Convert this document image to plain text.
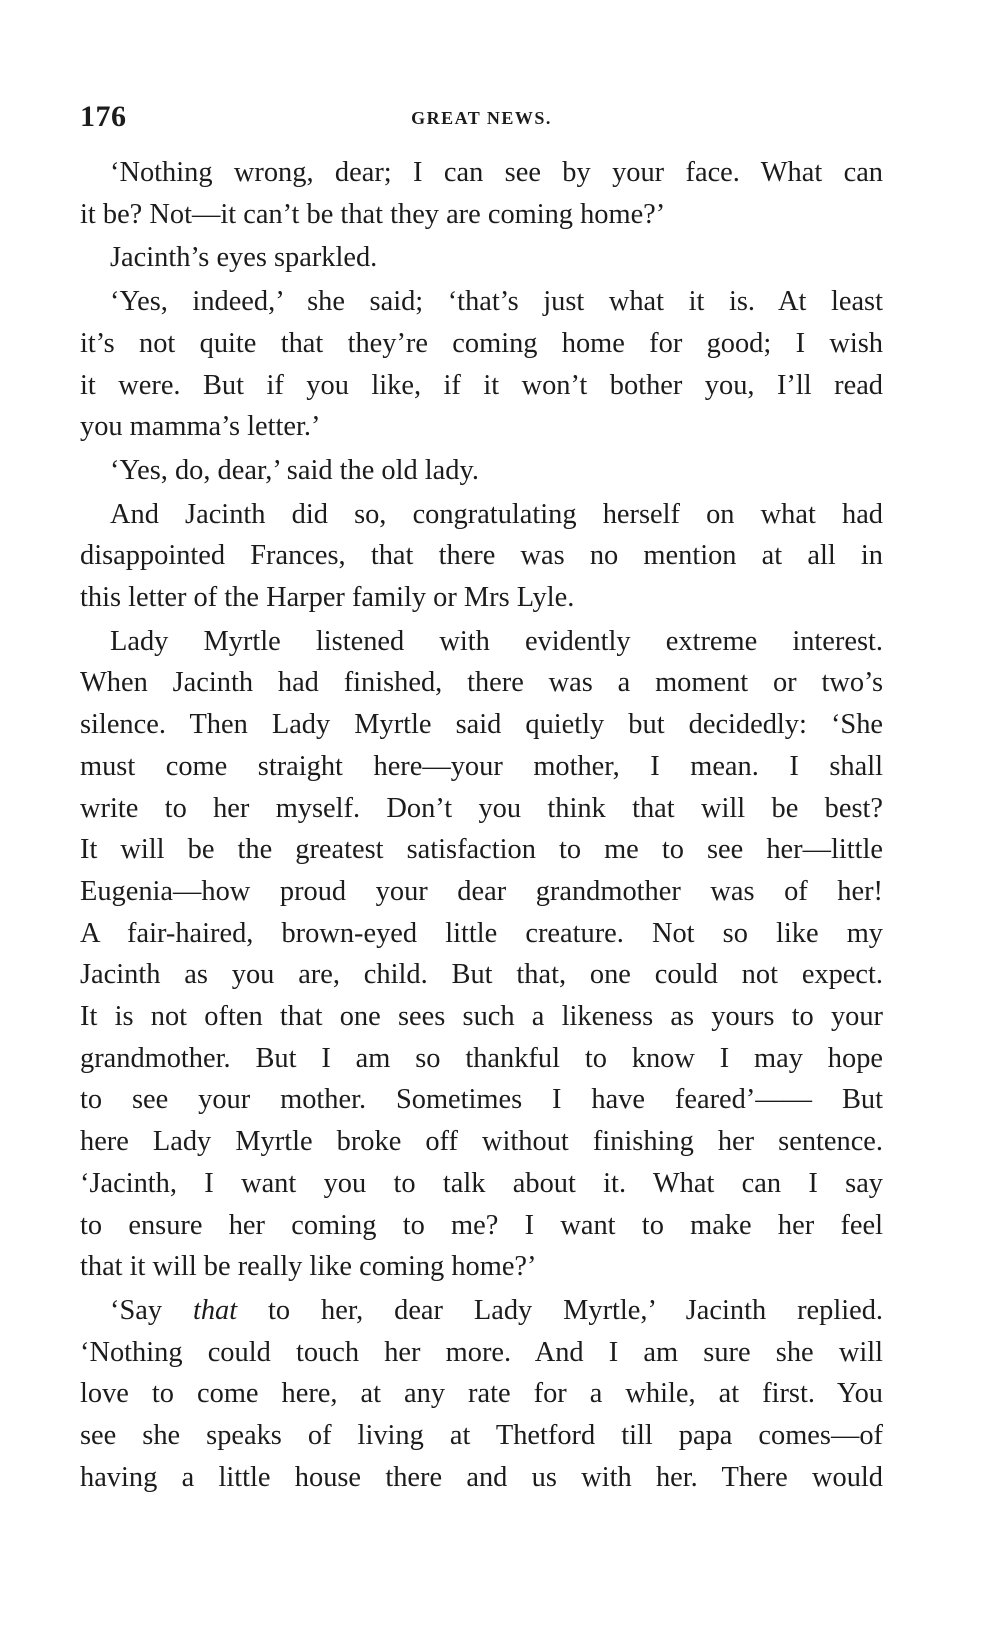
176	GREAT NEWS.

‘Nothing wrong, dear; I can see by your face. What can
it be? Not—it can’t be that they are coming home?’

Jacinth’s eyes sparkled.

‘Yes, indeed,’ she said; ‘that’s just what it is. At least
it’s not quite that they’re coming home for good; I wish
it were. But if you like, if it won’t bother you, I’ll read
you mamma’s letter.’

‘Yes, do, dear,’ said the old lady.

And Jacinth did so, congratulating herself on what had
disappointed Frances, that there was no mention at all in
this letter of the Harper family or Mrs Lyle.

Lady Myrtle listened with evidently extreme interest.
When Jacinth had finished, there was a moment or two’s
silence. Then Lady Myrtle said quietly but decidedly: ‘She
must come straight here—your mother, I mean. I shall
write to her myself. Don’t you think that will be best?
It will be the greatest satisfaction to me to see her—little
Eugenia—how proud your dear grandmother was of her!
A fair-haired, brown-eyed little creature. Not so like my
Jacinth as you are, child. But that, one could not expect.
It is not often that one sees such a likeness as yours to your
grandmother. But I am so thankful to know I may hope
to see your mother. Sometimes I have feared’—— But
here Lady Myrtle broke off without finishing her sentence.
‘Jacinth, I want you to talk about it. What can I say
to ensure her coming to me? I want to make her feel
that it will be really like coming home?’

‘Say that to her, dear Lady Myrtle,’ Jacinth replied.
‘Nothing could touch her more. And I am sure she will
love to come here, at any rate for a while, at first. You
see she speaks of living at Thetford till papa comes—of
having a little house there and us with her. There would
